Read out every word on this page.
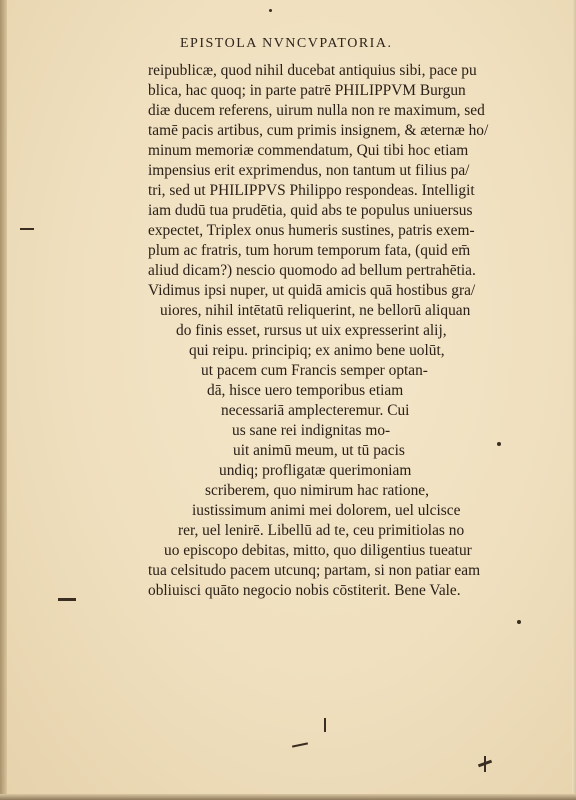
EPISTOLA NVNCVPATORIA.
reipublicæ, quod nihil ducebat antiquius sibi, pace pu
blica, hac quoq; in parte patrē PHILIPPVM Burgun
diæ ducem referens, uirum nulla non re maximum, sed
tamē pacis artibus, cum primis insignem, & æternæ ho/
minum memoriæ commendatum, Qui tibi hoc etiam
impensius erit exprimendus, non tantum ut filius pa/
tri, sed ut PHILIPPVS Philippo respondeas. Intelligit
iam dudū tua prudētia, quid abs te populus uniuersus
expectet, Triplex onus humeris sustines, patris exem-
plum ac fratris, tum horum temporum fata, (quid em̄
aliud dicam?) nescio quomodo ad bellum pertrahētia.
Vidimus ipsi nuper, ut quidā amicis quā hostibus gra/
uiores, nihil intētatū reliquerint, ne bellorū aliquan
do finis esset, rursus ut uix expresserint alij,
qui reipu. principiq; ex animo bene uolūt,
ut pacem cum Francis semper optan-
dā, hisce uero temporibus etiam
necessariā amplecteremur. Cui
us sane rei indignitas mo-
uit animū meum, ut tū pacis
undiq; profligatæ querimoniam
scriberem, quo nimirum hac ratione,
iustissimum animi mei dolorem, uel ulcisce
rer, uel lenirē. Libellū ad te, ceu primitiolas no
uo episcopo debitas, mitto, quo diligentius tueatur
tua celsitudo pacem utcunq; partam, si non patiar eam
obliuisci quāto negocio nobis cōstiterit. Bene Vale.
